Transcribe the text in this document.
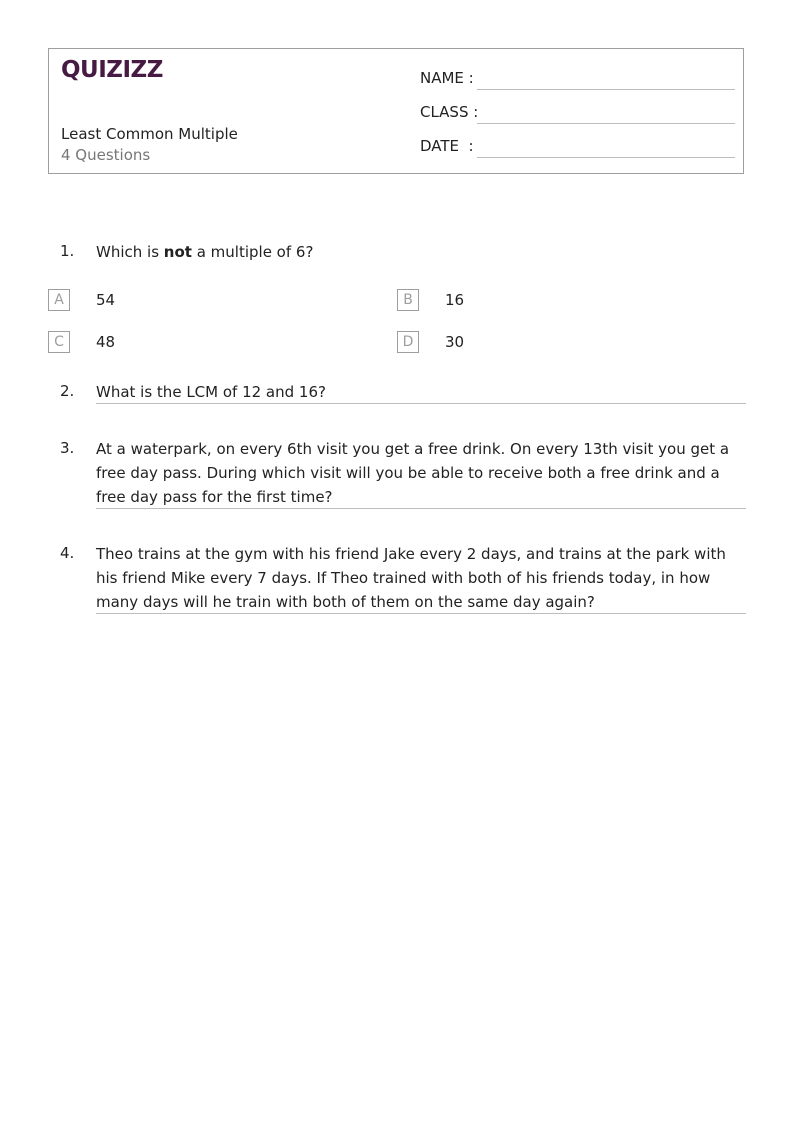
QUIZIZZ
Least Common Multiple
4 Questions
NAME :
CLASS :
DATE  :
1. Which is not a multiple of 6?
A	54	B	16
C	48	D	30
2. What is the LCM of 12 and 16?
3. At a waterpark, on every 6th visit you get a free drink. On every 13th visit you get a free day pass. During which visit will you be able to receive both a free drink and a free day pass for the first time?
4. Theo trains at the gym with his friend Jake every 2 days, and trains at the park with his friend Mike every 7 days. If Theo trained with both of his friends today, in how many days will he train with both of them on the same day again?
